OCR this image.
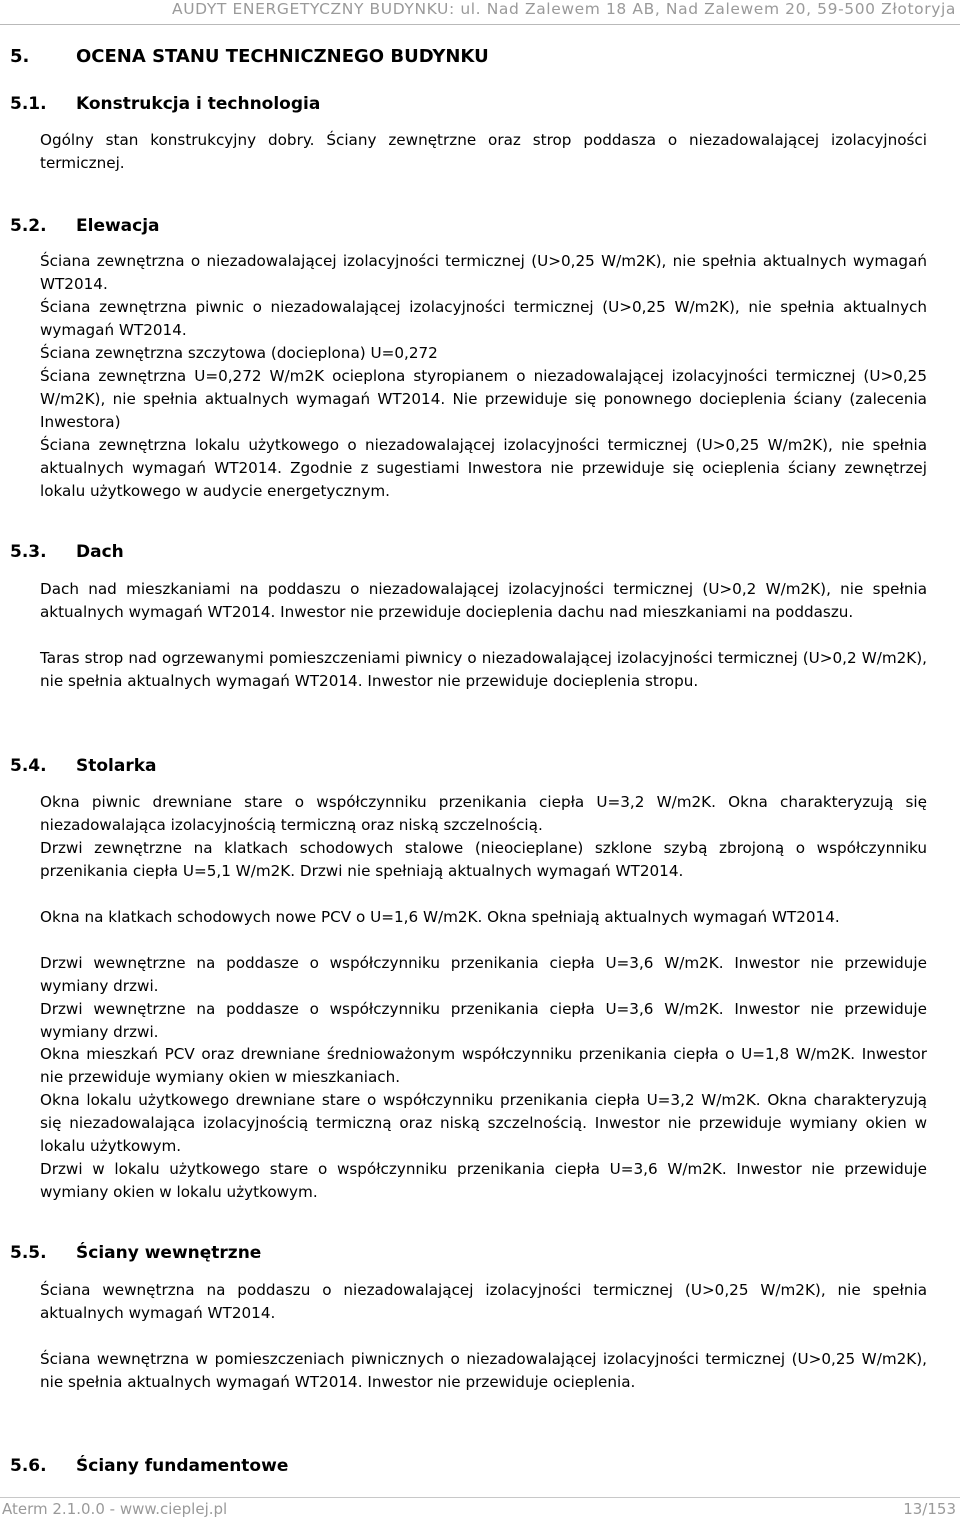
AUDYT ENERGETYCZNY BUDYNKU: ul. Nad Zalewem 18 AB, Nad Zalewem 20, 59-500 Złotoryja
5.	OCENA STANU TECHNICZNEGO BUDYNKU
5.1. Konstrukcja i technologia
Ogólny stan konstrukcyjny dobry. Ściany zewnętrzne oraz strop poddasza o niezadowalającej izolacyjności termicznej.
5.2. Elewacja
Ściana zewnętrzna o niezadowalającej izolacyjności termicznej (U>0,25 W/m2K), nie spełnia aktualnych wymagań WT2014.
Ściana zewnętrzna piwnic o niezadowalającej izolacyjności termicznej (U>0,25 W/m2K), nie spełnia aktualnych wymagań WT2014.
Ściana zewnętrzna szczytowa (docieplona) U=0,272
Ściana zewnętrzna U=0,272 W/m2K ocieplona styropianem o niezadowalającej izolacyjności termicznej (U>0,25 W/m2K), nie spełnia aktualnych wymagań WT2014. Nie przewiduje się ponownego docieplenia ściany (zalecenia Inwestora)
Ściana zewnętrzna lokalu użytkowego o niezadowalającej izolacyjności termicznej (U>0,25 W/m2K), nie spełnia aktualnych wymagań WT2014. Zgodnie z sugestiami Inwestora nie przewiduje się ocieplenia ściany zewnętrzej lokalu użytkowego w audycie energetycznym.
5.3. Dach
Dach nad mieszkaniami na poddaszu o niezadowalającej izolacyjności termicznej (U>0,2 W/m2K), nie spełnia aktualnych wymagań WT2014. Inwestor nie przewiduje docieplenia dachu nad mieszkaniami na poddaszu.
Taras strop nad ogrzewanymi pomieszczeniami piwnicy o niezadowalającej izolacyjności termicznej (U>0,2 W/m2K), nie spełnia aktualnych wymagań WT2014. Inwestor nie przewiduje docieplenia stropu.
5.4. Stolarka
Okna piwnic drewniane stare o współczynniku przenikania ciepła U=3,2 W/m2K. Okna charakteryzują się niezadowalająca izolacyjnością termiczną oraz niską szczelnością.
Drzwi zewnętrzne na klatkach schodowych stalowe (nieocieplane) szklone szybą zbrojoną o współczynniku przenikania ciepła U=5,1 W/m2K. Drzwi nie spełniają aktualnych wymagań WT2014.
Okna na klatkach schodowych nowe PCV o U=1,6 W/m2K. Okna spełniają aktualnych wymagań WT2014.
Drzwi wewnętrzne na poddasze o współczynniku przenikania ciepła U=3,6 W/m2K. Inwestor nie przewiduje wymiany drzwi.
Drzwi wewnętrzne na poddasze o współczynniku przenikania ciepła U=3,6 W/m2K. Inwestor nie przewiduje wymiany drzwi.
Okna mieszkań PCV oraz drewniane średnioważonym współczynniku przenikania ciepła o U=1,8 W/m2K. Inwestor nie przewiduje wymiany okien w mieszkaniach.
Okna lokalu użytkowego drewniane stare o współczynniku przenikania ciepła U=3,2 W/m2K. Okna charakteryzują się niezadowalająca izolacyjnością termiczną oraz niską szczelnością. Inwestor nie przewiduje wymiany okien w lokalu użytkowym.
Drzwi w lokalu użytkowego stare o współczynniku przenikania ciepła U=3,6 W/m2K. Inwestor nie przewiduje wymiany okien w lokalu użytkowym.
5.5. Ściany wewnętrzne
Ściana wewnętrzna na poddaszu o niezadowalającej izolacyjności termicznej (U>0,25 W/m2K), nie spełnia aktualnych wymagań WT2014.
Ściana wewnętrzna w pomieszczeniach piwnicznych o niezadowalającej izolacyjności termicznej (U>0,25 W/m2K), nie spełnia aktualnych wymagań WT2014. Inwestor nie przewiduje ocieplenia.
5.6. Ściany fundamentowe
Aterm 2.1.0.0 - www.cieplej.pl	13/153
